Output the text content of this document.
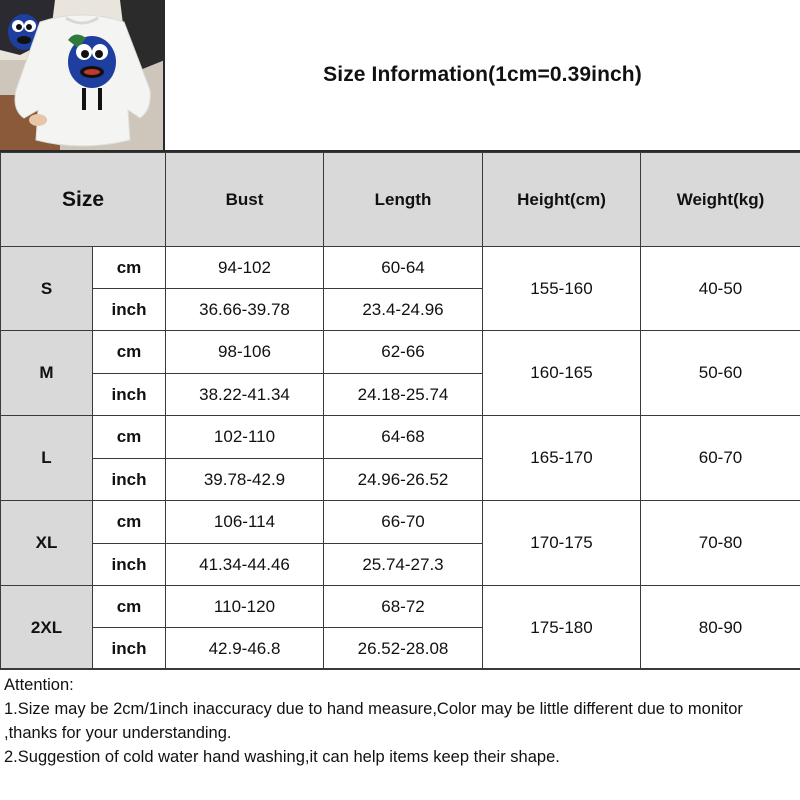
Size Information(1cm=0.39inch)
Size		Bust	Length	Height(cm)	Weight(kg)
S	cm	94-102	60-64	155-160	40-50
	inch	36.66-39.78	23.4-24.96		
M	cm	98-106	62-66	160-165	50-60
	inch	38.22-41.34	24.18-25.74		
L	cm	102-110	64-68	165-170	60-70
	inch	39.78-42.9	24.96-26.52		
XL	cm	106-114	66-70	170-175	70-80
	inch	41.34-44.46	25.74-27.3		
2XL	cm	110-120	68-72	175-180	80-90
	inch	42.9-46.8	26.52-28.08		

Attention:

1.Size may be 2cm/1inch inaccuracy due to hand measure,Color may be little different due to monitor ,thanks for your understanding.

2.Suggestion of cold water hand washing,it can help items keep their shape.
